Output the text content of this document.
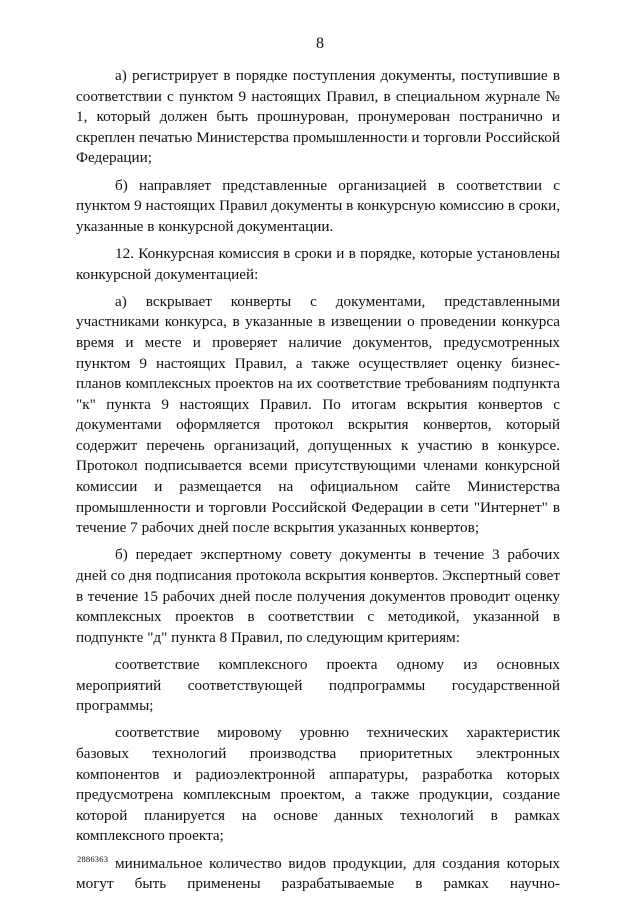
8

а) регистрирует в порядке поступления документы, поступившие в соответствии с пунктом 9 настоящих Правил, в специальном журнале № 1, который должен быть прошнурован, пронумерован постранично и скреплен печатью Министерства промышленности и торговли Российской Федерации;

б) направляет представленные организацией в соответствии с пунктом 9 настоящих Правил документы в конкурсную комиссию в сроки, указанные в конкурсной документации.

12. Конкурсная комиссия в сроки и в порядке, которые установлены конкурсной документацией:

а) вскрывает конверты с документами, представленными участниками конкурса, в указанные в извещении о проведении конкурса время и месте и проверяет наличие документов, предусмотренных пунктом 9 настоящих Правил, а также осуществляет оценку бизнес-планов комплексных проектов на их соответствие требованиям подпункта "к" пункта 9 настоящих Правил. По итогам вскрытия конвертов с документами оформляется протокол вскрытия конвертов, который содержит перечень организаций, допущенных к участию в конкурсе. Протокол подписывается всеми присутствующими членами конкурсной комиссии и размещается на официальном сайте Министерства промышленности и торговли Российской Федерации в сети "Интернет" в течение 7 рабочих дней после вскрытия указанных конвертов;

б) передает экспертному совету документы в течение 3 рабочих дней со дня подписания протокола вскрытия конвертов. Экспертный совет в течение 15 рабочих дней после получения документов проводит оценку комплексных проектов в соответствии с методикой, указанной в подпункте "д" пункта 8 Правил, по следующим критериям:

соответствие комплексного проекта одному из основных мероприятий соответствующей подпрограммы государственной программы;

соответствие мировому уровню технических характеристик базовых технологий производства приоритетных электронных компонентов и радиоэлектронной аппаратуры, разработка которых предусмотрена комплексным проектом, а также продукции, создание которой планируется на основе данных технологий в рамках комплексного проекта;

минимальное количество видов продукции, для создания которых могут быть применены разрабатываемые в рамках научно-

2886363
